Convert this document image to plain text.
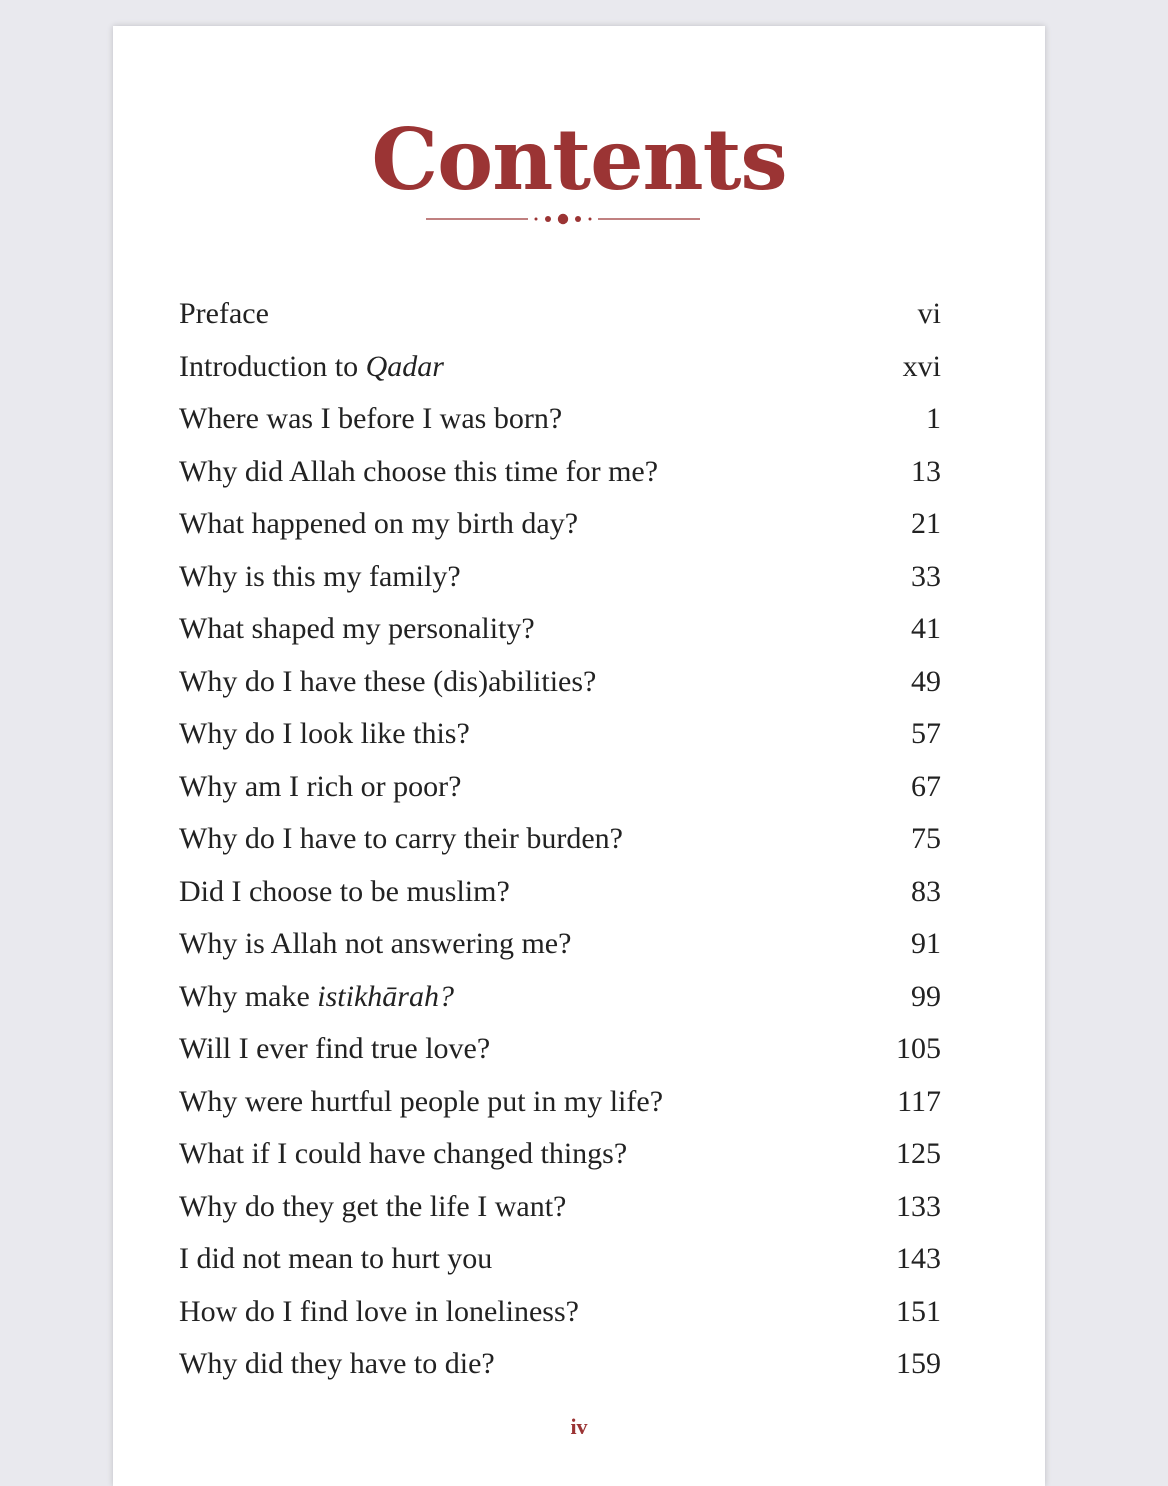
Contents
Preface	vi
Introduction to Qadar	xvi
Where was I before I was born?	1
Why did Allah choose this time for me?	13
What happened on my birth day?	21
Why is this my family?	33
What shaped my personality?	41
Why do I have these (dis)abilities?	49
Why do I look like this?	57
Why am I rich or poor?	67
Why do I have to carry their burden?	75
Did I choose to be muslim?	83
Why is Allah not answering me?	91
Why make istikhārah?	99
Will I ever find true love?	105
Why were hurtful people put in my life?	117
What if I could have changed things?	125
Why do they get the life I want?	133
I did not mean to hurt you	143
How do I find love in loneliness?	151
Why did they have to die?	159
iv
